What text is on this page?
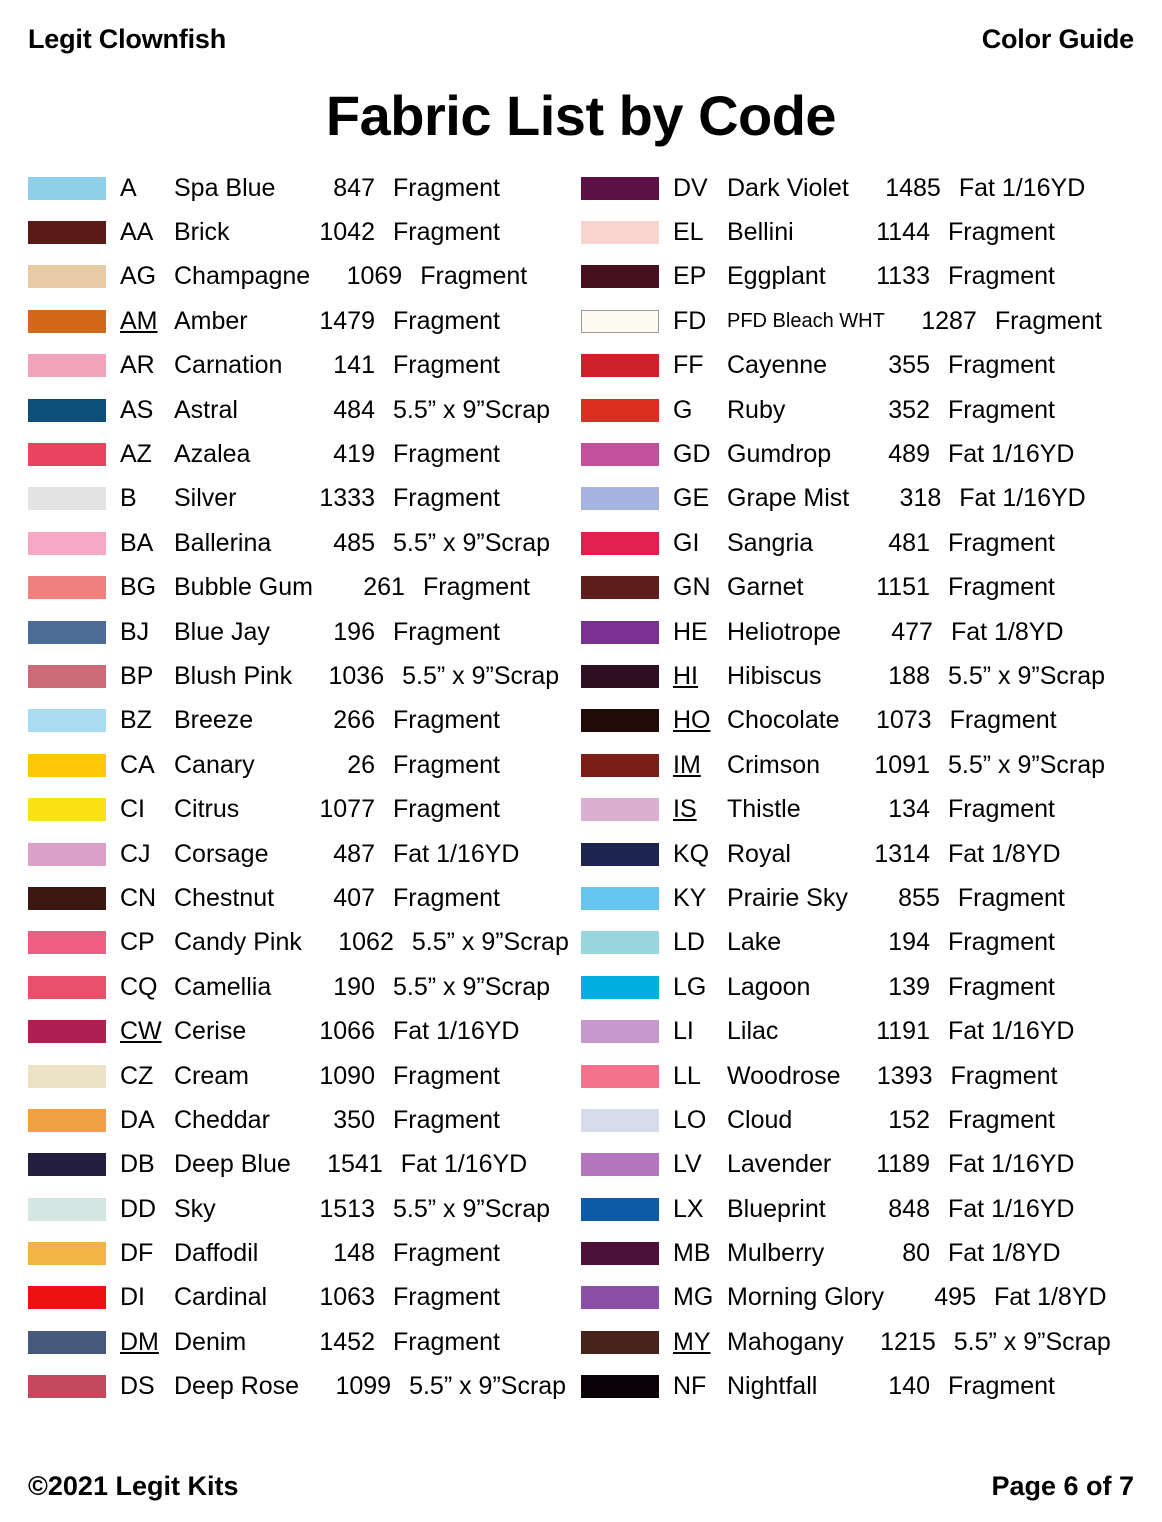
Legit Clownfish	Color Guide
Fabric List by Code
A	Spa Blue	847 Fragment
AA Brick	1042 Fragment
AG Champagne	1069 Fragment
AM Amber	1479 Fragment
AR Carnation	141 Fragment
AS Astral	484 5.5” x 9”Scrap
AZ Azalea	419 Fragment
B	Silver	1333 Fragment
BA Ballerina	485 5.5” x 9”Scrap
BG Bubble Gum	261 Fragment
BJ Blue Jay	196 Fragment
BP Blush Pink	1036 5.5” x 9”Scrap
BZ Breeze	266 Fragment
CA Canary	26 Fragment
CI	Citrus	1077 Fragment
CJ Corsage	487 Fat 1/16YD
CN Chestnut	407 Fragment
CP Candy Pink	1062 5.5” x 9”Scrap
CQ Camellia	190 5.5” x 9”Scrap
CW Cerise	1066 Fat 1/16YD
CZ Cream	1090 Fragment
DA Cheddar	350 Fragment
DB Deep Blue	1541 Fat 1/16YD
DD Sky	1513 5.5” x 9”Scrap
DF Daffodil	148 Fragment
DI	Cardinal	1063 Fragment
DM Denim	1452 Fragment
DS Deep Rose	1099 5.5” x 9”Scrap
DV Dark Violet	1485 Fat 1/16YD
EL Bellini	1144 Fragment
EP Eggplant	1133 Fragment
FD	PFD Bleach WHT	1287 Fragment
FF Cayenne	355 Fragment
G	Ruby	352 Fragment
GD Gumdrop	489 Fat 1/16YD
GE Grape Mist	318 Fat 1/16YD
GI	Sangria	481 Fragment
GN Garnet	1151 Fragment
HE Heliotrope	477 Fat 1/8YD
HI	Hibiscus	188 5.5” x 9”Scrap
HO Chocolate	1073 Fragment
IM	Crimson	1091 5.5” x 9”Scrap
IS	Thistle	134 Fragment
KQ Royal	1314 Fat 1/8YD
KY Prairie Sky	855 Fragment
LD Lake	194 Fragment
LG Lagoon	139 Fragment
LI	Lilac	1191 Fat 1/16YD
LL	Woodrose	1393 Fragment
LO Cloud	152 Fragment
LV	Lavender	1189 Fat 1/16YD
LX Blueprint	848 Fat 1/16YD
MB Mulberry	80 Fat 1/8YD
MG Morning Glory	495 Fat 1/8YD
MY Mahogany	1215 5.5” x 9”Scrap
NF Nightfall	140 Fragment
©2021 Legit Kits	Page 6 of 7
